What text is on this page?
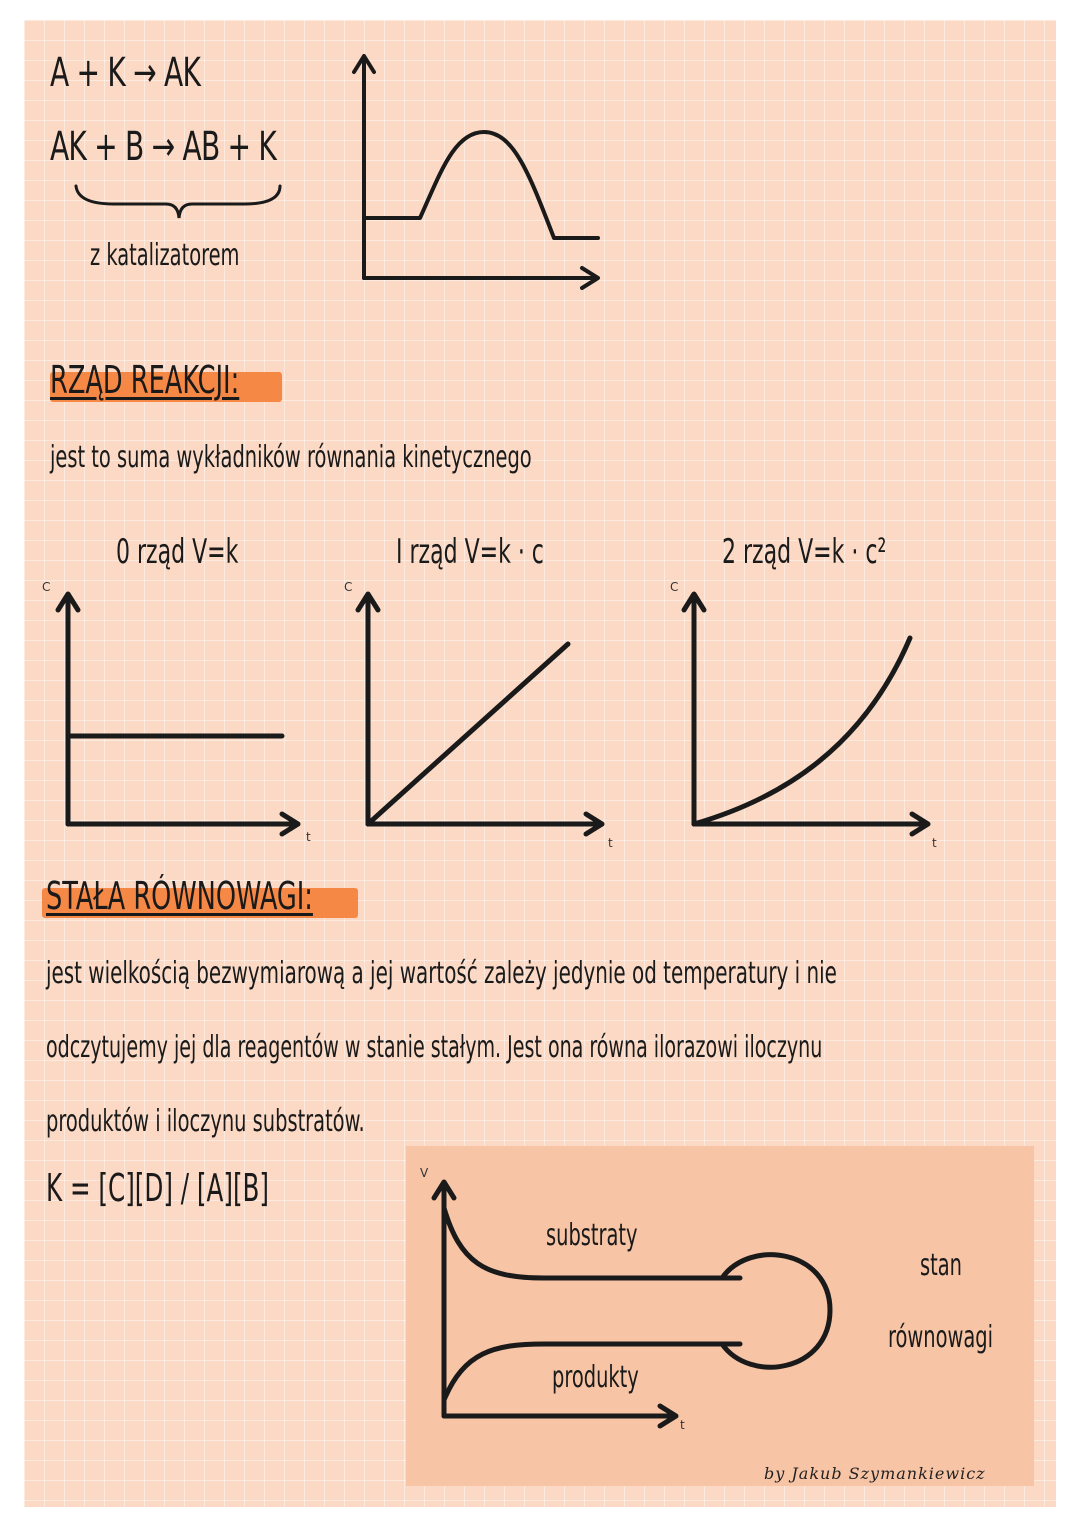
A + K → AK
AK + B → AB + K
z katalizatorem
RZĄD REAKCJI:
jest to suma wykładników równania kinetycznego
0 rząd V=k
C
t
I rząd V=k · c
C
t
2 rząd V=k · c²
C
t
STAŁA RÓWNOWAGI:
jest wielkością bezwymiarową a jej wartość zależy jedynie od temperatury i nie
odczytujemy jej dla reagentów w stanie stałym. Jest ona równa ilorazowi iloczynu
produktów i iloczynu substratów.
K = [C][D] / [A][B]	V
t
substraty
produkty
stan
równowagi
by Jakub Szymankiewicz
